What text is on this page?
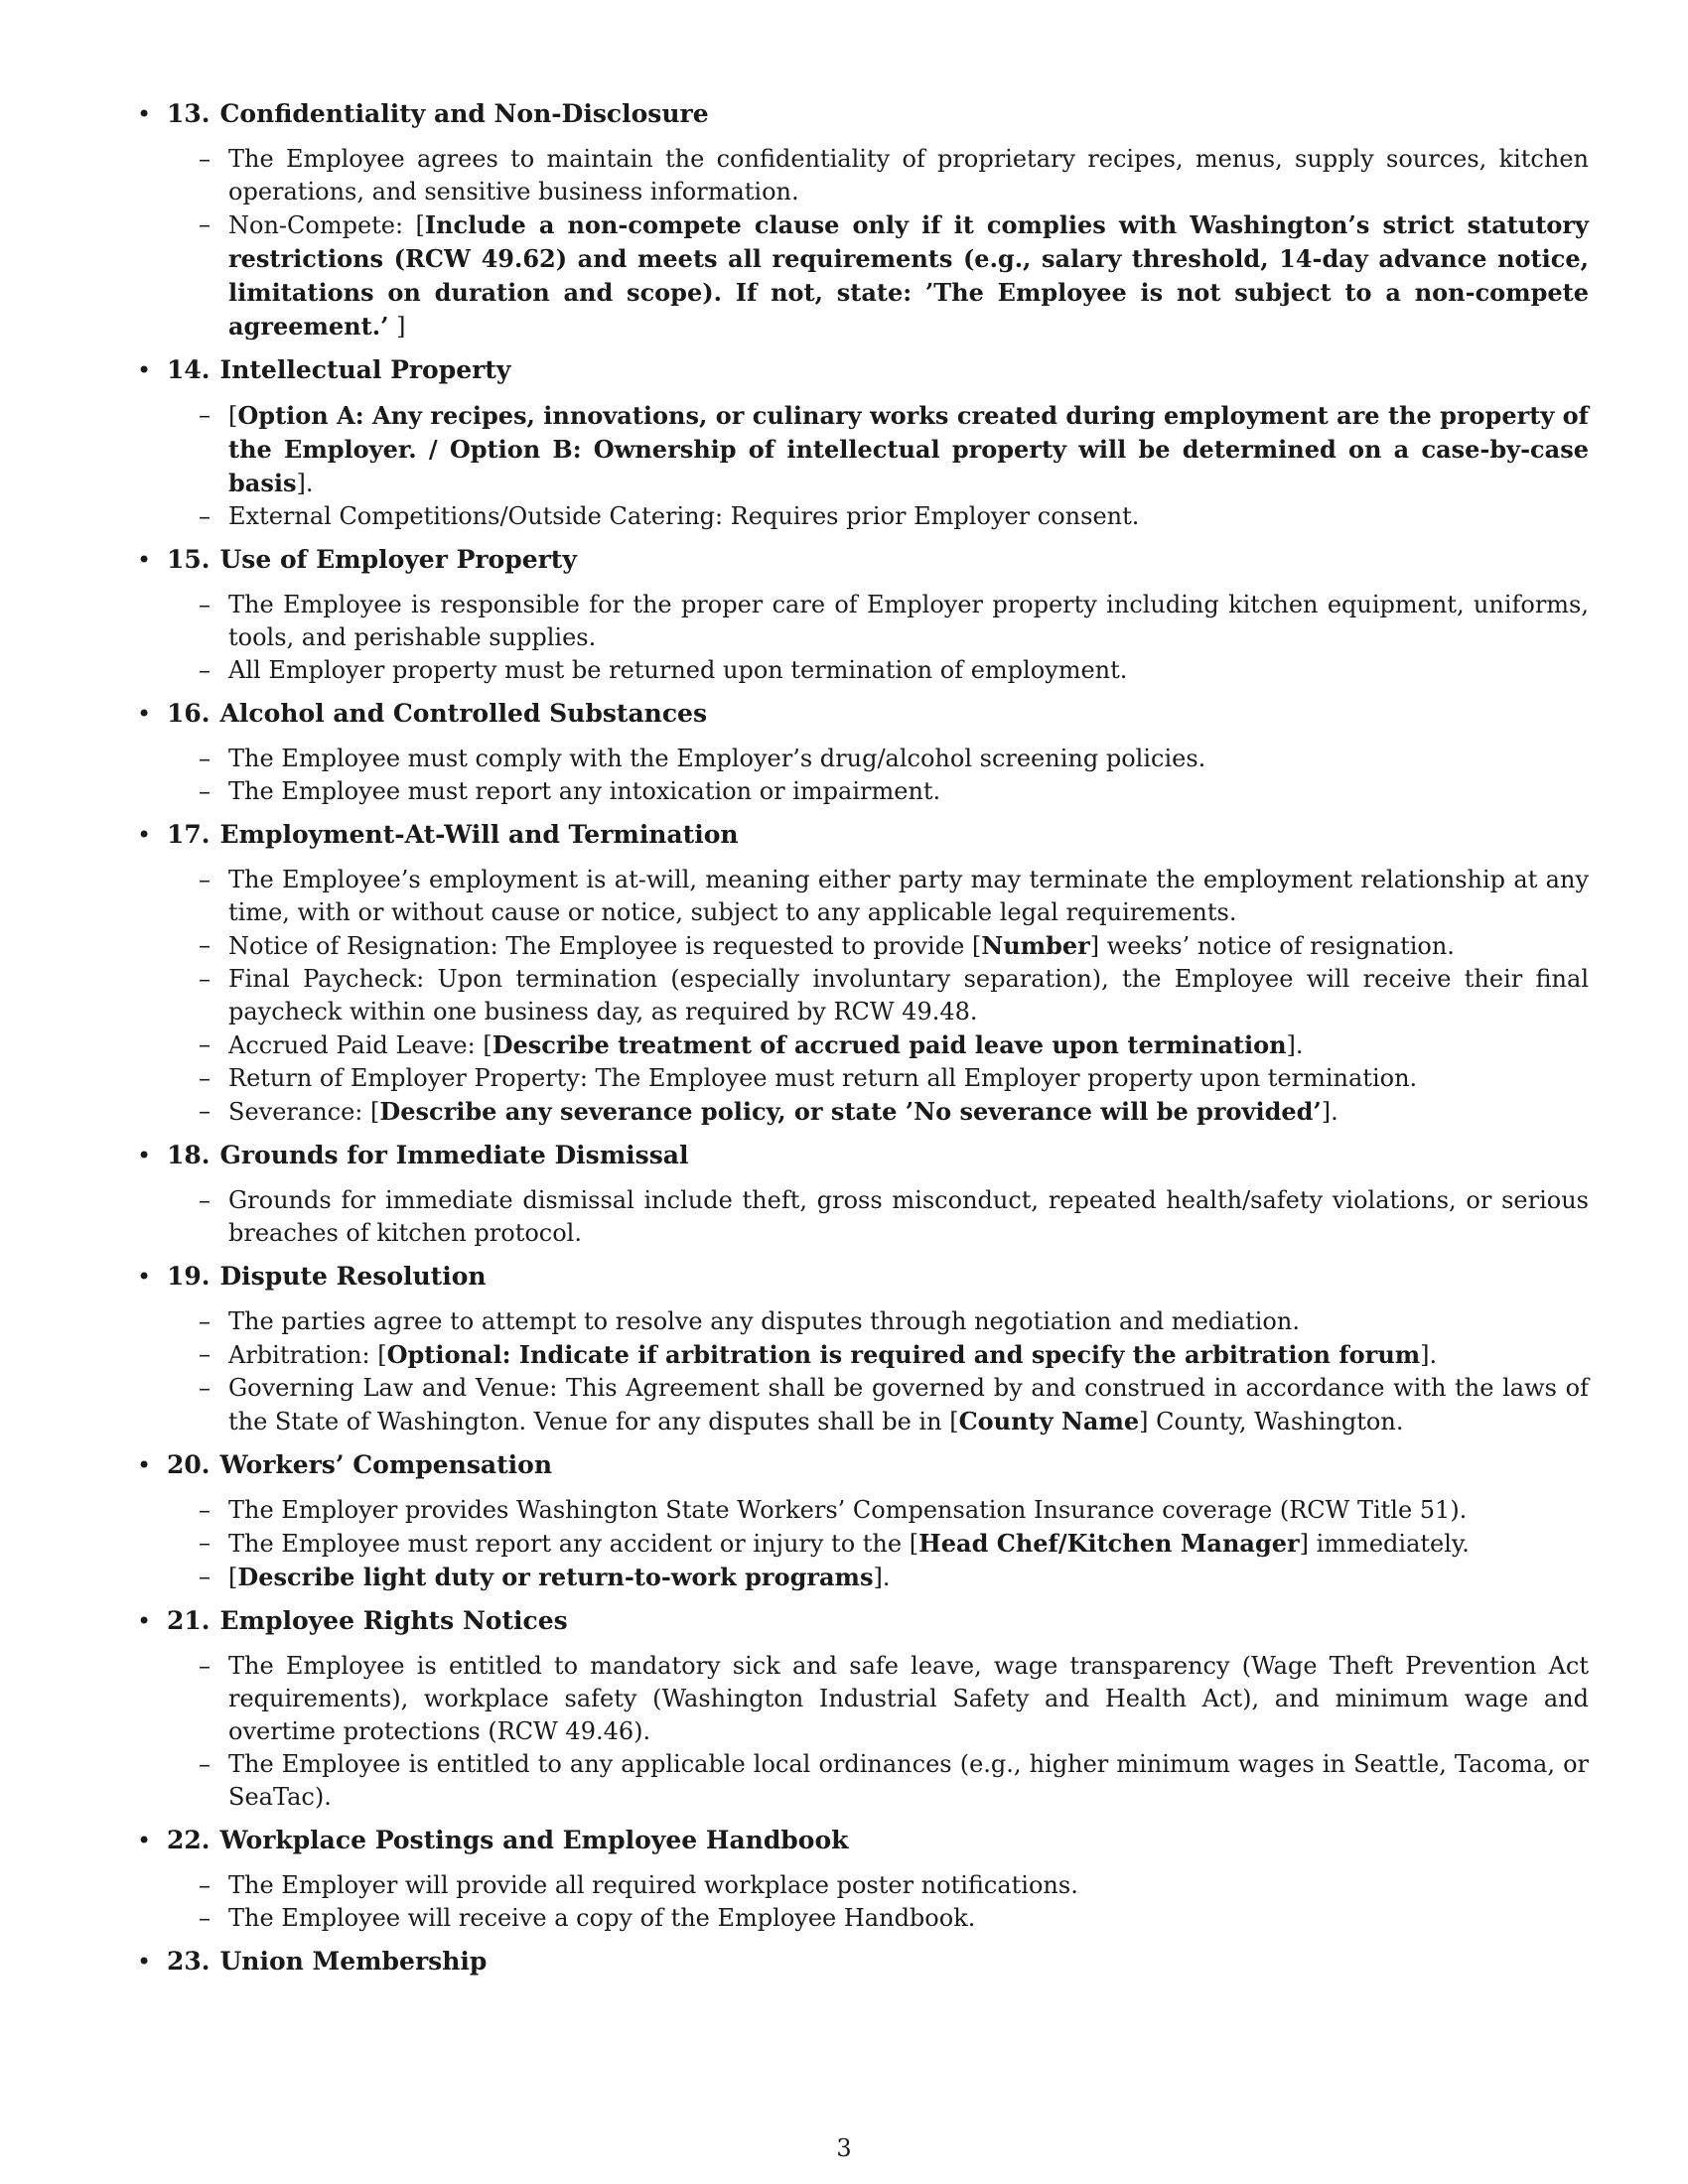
• 13. Confidentiality and Non-Disclosure
– The Employee agrees to maintain the confidentiality of proprietary recipes, menus, supply sources, kitchen operations, and sensitive business information.
– Non-Compete: [Include a non-compete clause only if it complies with Washington’s strict statutory restrictions (RCW 49.62) and meets all requirements (e.g., salary threshold, 14-day advance notice, limitations on duration and scope). If not, state: ’The Employee is not subject to a non-compete agreement.’ ]
• 14. Intellectual Property
– [Option A: Any recipes, innovations, or culinary works created during employment are the property of the Employer. / Option B: Ownership of intellectual property will be determined on a case-by-case basis].
– External Competitions/Outside Catering: Requires prior Employer consent.
• 15. Use of Employer Property
– The Employee is responsible for the proper care of Employer property including kitchen equipment, uniforms, tools, and perishable supplies.
– All Employer property must be returned upon termination of employment.
• 16. Alcohol and Controlled Substances
– The Employee must comply with the Employer’s drug/alcohol screening policies.
– The Employee must report any intoxication or impairment.
• 17. Employment-At-Will and Termination
– The Employee’s employment is at-will, meaning either party may terminate the employment relationship at any time, with or without cause or notice, subject to any applicable legal requirements.
– Notice of Resignation: The Employee is requested to provide [Number] weeks’ notice of resignation.
– Final Paycheck: Upon termination (especially involuntary separation), the Employee will receive their final paycheck within one business day, as required by RCW 49.48.
– Accrued Paid Leave: [Describe treatment of accrued paid leave upon termination].
– Return of Employer Property: The Employee must return all Employer property upon termination.
– Severance: [Describe any severance policy, or state ’No severance will be provided’].
• 18. Grounds for Immediate Dismissal
– Grounds for immediate dismissal include theft, gross misconduct, repeated health/safety violations, or serious breaches of kitchen protocol.
• 19. Dispute Resolution
– The parties agree to attempt to resolve any disputes through negotiation and mediation.
– Arbitration: [Optional: Indicate if arbitration is required and specify the arbitration forum].
– Governing Law and Venue: This Agreement shall be governed by and construed in accordance with the laws of the State of Washington. Venue for any disputes shall be in [County Name] County, Washington.
• 20. Workers’ Compensation
– The Employer provides Washington State Workers’ Compensation Insurance coverage (RCW Title 51).
– The Employee must report any accident or injury to the [Head Chef/Kitchen Manager] immediately.
– [Describe light duty or return-to-work programs].
• 21. Employee Rights Notices
– The Employee is entitled to mandatory sick and safe leave, wage transparency (Wage Theft Prevention Act requirements), workplace safety (Washington Industrial Safety and Health Act), and minimum wage and overtime protections (RCW 49.46).
– The Employee is entitled to any applicable local ordinances (e.g., higher minimum wages in Seattle, Tacoma, or SeaTac).
• 22. Workplace Postings and Employee Handbook
– The Employer will provide all required workplace poster notifications.
– The Employee will receive a copy of the Employee Handbook.
• 23. Union Membership
3
